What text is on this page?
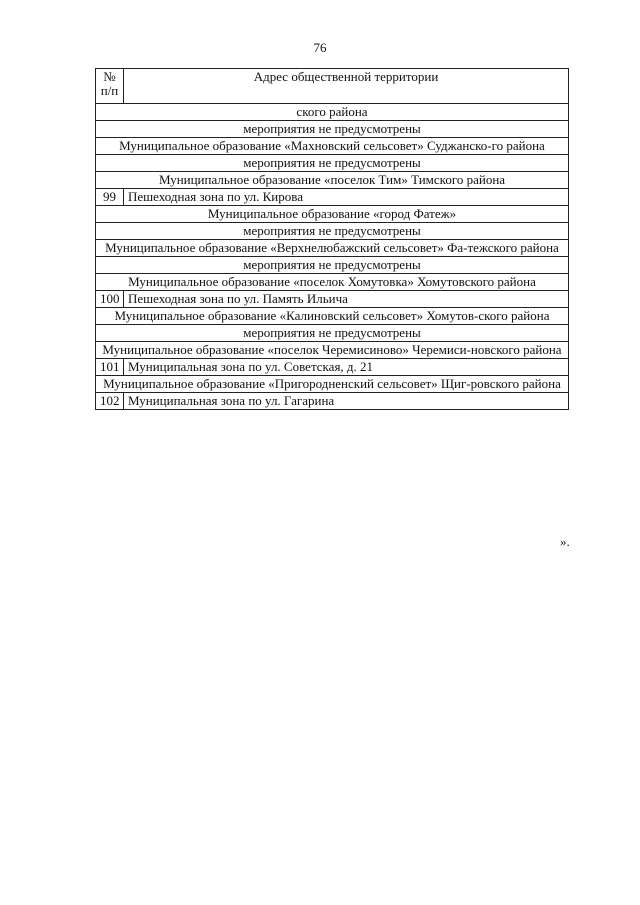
76
№
п/п	Адрес общественной территории
ского района	
мероприятия не предусмотрены	
Муниципальное образование «Махновский сельсовет» Суджанско-го района	
мероприятия не предусмотрены	
Муниципальное образование «поселок Тим» Тимского района	
99	Пешеходная зона по ул. Кирова
Муниципальное образование «город Фатеж»	
мероприятия не предусмотрены	
Муниципальное образование «Верхнелюбажский сельсовет» Фа-тежского района	
мероприятия не предусмотрены	
Муниципальное образование «поселок Хомутовка» Хомутовского района	
100	Пешеходная зона по ул. Память Ильича
Муниципальное образование «Калиновский сельсовет» Хомутов-ского района	
мероприятия не предусмотрены	
Муниципальное образование «поселок Черемисиново» Черемиси-новского района	
101	Муниципальная зона по ул. Советская, д. 21
Муниципальное образование «Пригородненский сельсовет» Щиг-ровского района	
102	Муниципальная зона по ул. Гагарина
».
